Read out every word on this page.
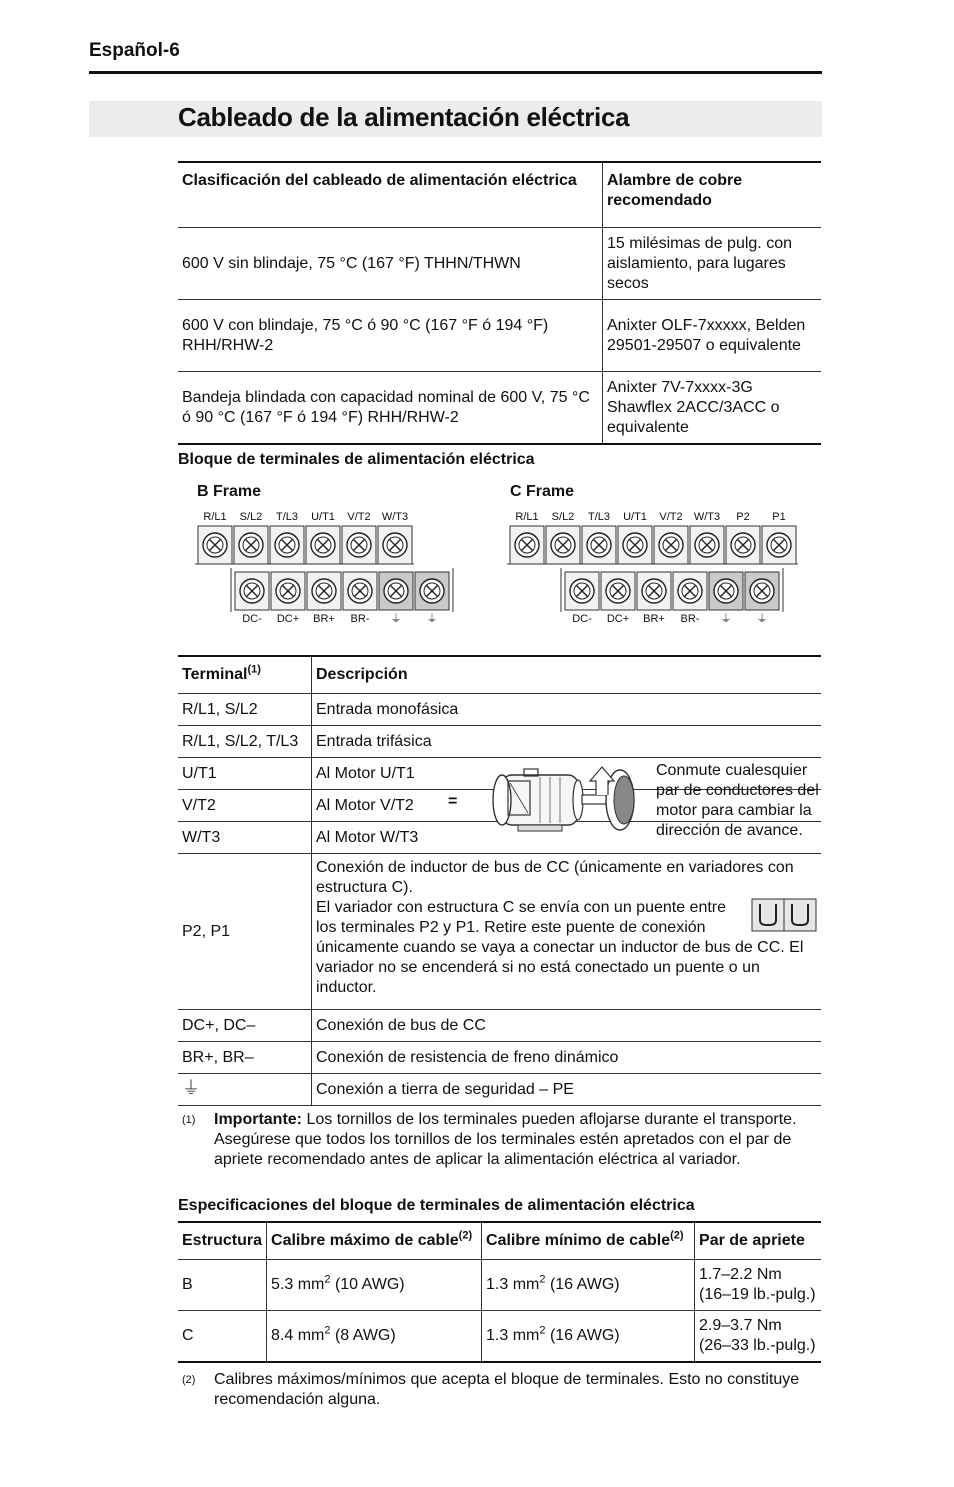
Español-6
Cableado de la alimentación eléctrica
Clasificación del cableado de alimentación eléctrica	Alambre de cobre recomendado
600 V sin blindaje, 75 °C (167 °F) THHN/THWN	15 milésimas de pulg. con aislamiento, para lugares secos
600 V con blindaje, 75 °C ó 90 °C (167 °F ó 194 °F) RHH/RHW-2	Anixter OLF-7xxxxx, Belden 29501-29507 o equivalente
Bandeja blindada con capacidad nominal de 600 V, 75 °C ó 90 °C (167 °F ó 194 °F) RHH/RHW-2	Anixter 7V-7xxxx-3G Shawflex 2ACC/3ACC o equivalente
Bloque de terminales de alimentación eléctrica
B Frame	C Frame
R/L1 S/L2 T/L3 U/T1 V/T2 W/T3
DC- DC+ BR+ BR- ⏚ ⏚
R/L1 S/L2 T/L3 U/T1 V/T2 W/T3 P2 P1
DC- DC+ BR+ BR- ⏚ ⏚
Terminal$^{(1)}$	Descripción
R/L1, S/L2	Entrada monofásica
R/L1, S/L2, T/L3	Entrada trifásica
U/T1	Al Motor U/T1
V/T2	Al Motor V/T2
W/T3	Al Motor W/T3
P2, P1	Conexión de inductor de bus de CC (únicamente en variadores con estructura C).
El variador con estructura C se envía con un puente entre los terminales P2 y P1. Retire este puente de conexión únicamente cuando se vaya a conectar un inductor de bus de CC. El variador no se encenderá si no está conectado un puente o un inductor.

DC+, DC–	Conexión de bus de CC
BR+, BR–	Conexión de resistencia de freno dinámico
⏚	Conexión a tierra de seguridad – PE
=
Conmute cualesquier par de conductores del motor para cambiar la dirección de avance.
(1) Importante: Los tornillos de los terminales pueden aflojarse durante el transporte. Asegúrese que todos los tornillos de los terminales estén apretados con el par de apriete recomendado antes de aplicar la alimentación eléctrica al variador.
Especificaciones del bloque de terminales de alimentación eléctrica
Estructura	Calibre máximo de cable$^{(2)}$	Calibre mínimo de cable$^{(2)}$	Par de apriete
B	5.3 $mm^2$ (10 AWG)	1.3 $mm^2$ (16 AWG)	1.7–2.2 Nm
(16–19 lb.-pulg.)

C	8.4 $mm^2$ (8 AWG)	1.3 $mm^2$ (16 AWG)	2.9–3.7 Nm
(26–33 lb.-pulg.)
(2) Calibres máximos/mínimos que acepta el bloque de terminales. Esto no constituye recomendación alguna.
